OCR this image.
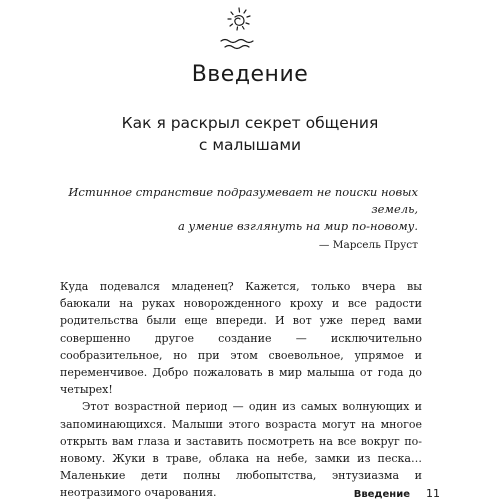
Введение
Как я раскрыл секрет общения
с малышами
Истинное странствие подразумевает не поиски новых земель,
а умение взглянуть на мир по-новому.
— Марсель Пруст

Куда подевался младенец? Кажется, только вчера вы баюкали на руках новорожденного кроху и все радости родительства были еще впереди. И вот уже перед вами совершенно другое создание — исключительно сообразительное, но при этом своевольное, упрямое и переменчивое. Добро пожаловать в мир малыша от года до четырех!

Этот возрастной период — один из самых волнующих и запоминающихся. Малыши этого возраста могут на многое открыть вам глаза и заставить посмотреть на все вокруг по-новому. Жуки в траве, облака на небе, замки из песка… Маленькие дети полны любопытства, энтузиазма и неотразимого очарования.	Введение 11
